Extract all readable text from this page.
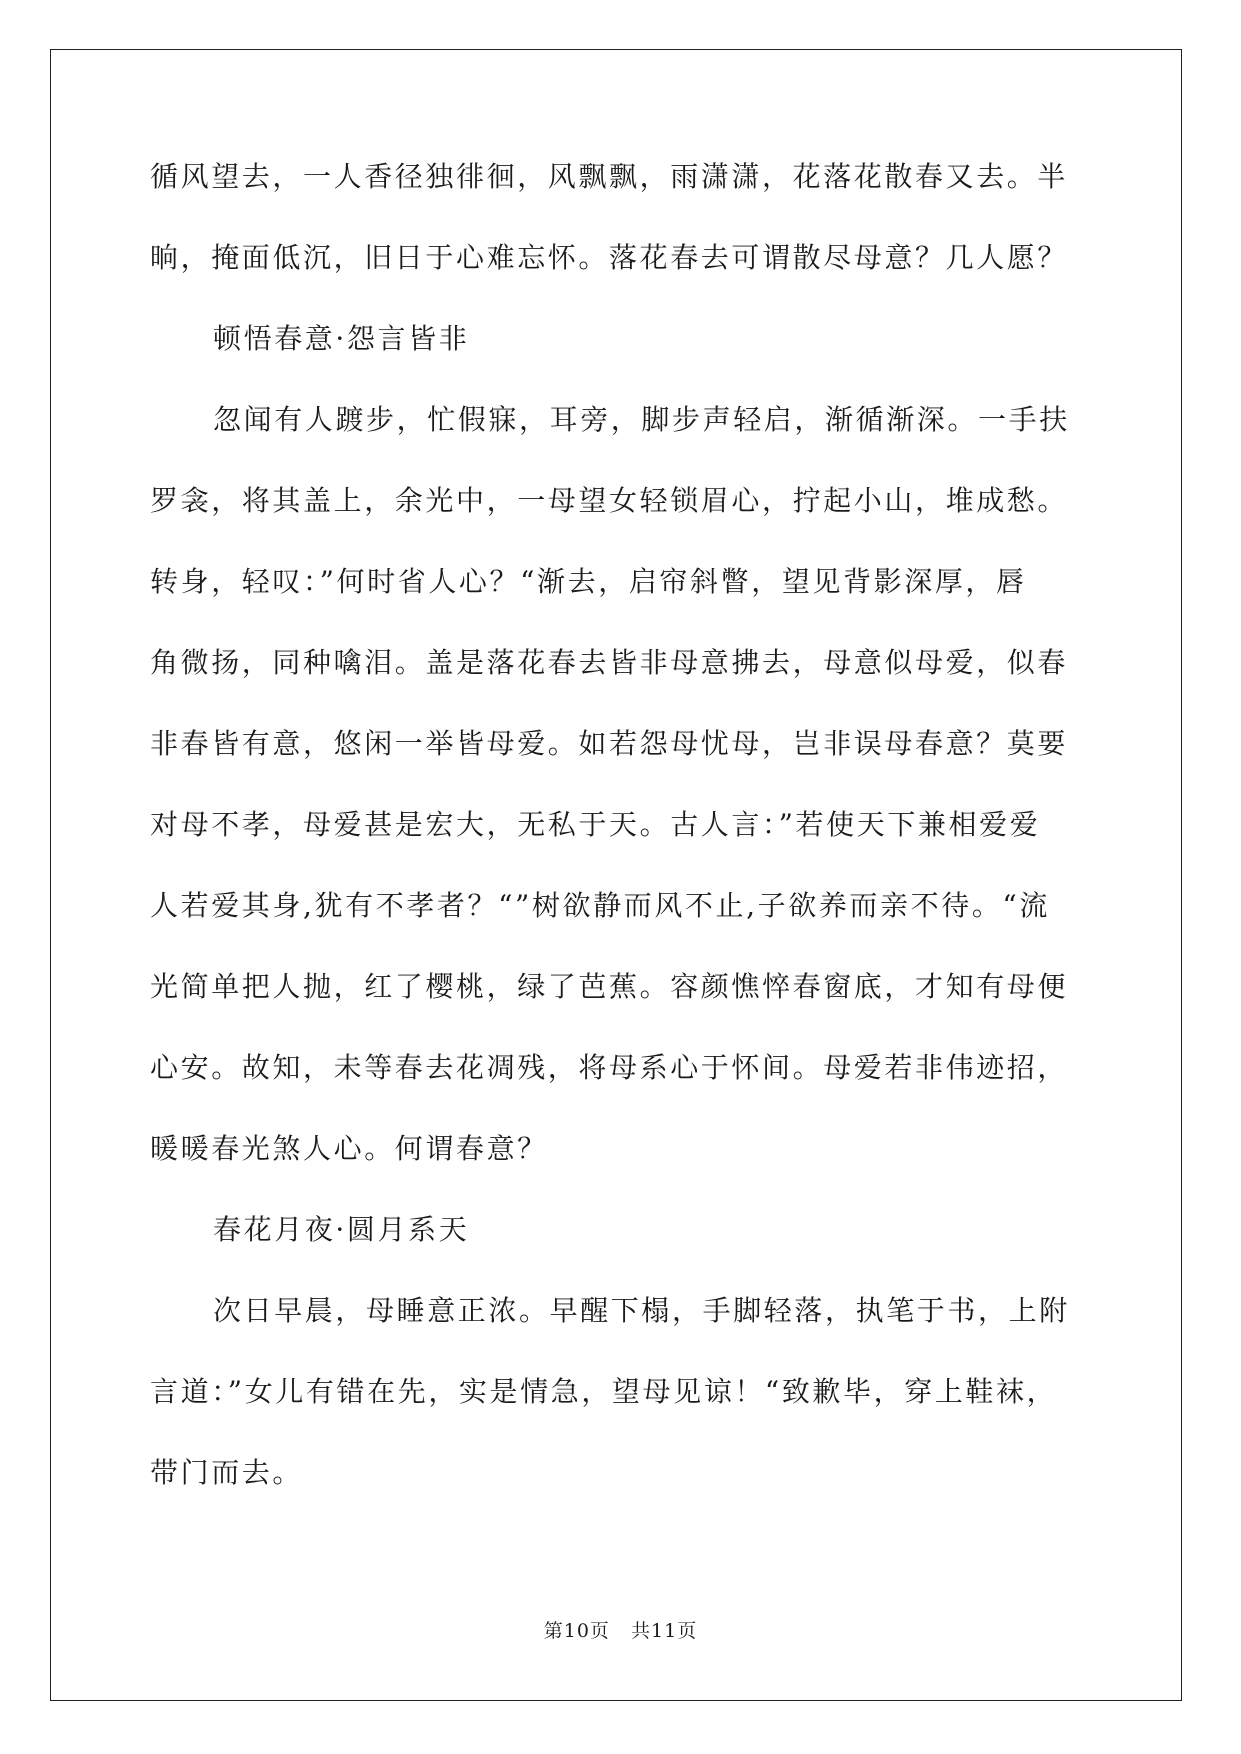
循风望去，一人香径独徘徊，风飘飘，雨潇潇，花落花散春又去。半
晌，掩面低沉，旧日于心难忘怀。落花春去可谓散尽母意？几人愿？
顿悟春意·怨言皆非
忽闻有人踱步，忙假寐，耳旁，脚步声轻启，渐循渐深。一手扶
罗衾，将其盖上，余光中，一母望女轻锁眉心，拧起小山，堆成愁。
转身，轻叹：”何时省人心？“渐去，启帘斜瞥，望见背影深厚，唇
角微扬，同种噙泪。盖是落花春去皆非母意拂去，母意似母爱，似春
非春皆有意，悠闲一举皆母爱。如若怨母忧母，岂非误母春意？莫要
对母不孝，母爱甚是宏大，无私于天。古人言：”若使天下兼相爱爱
人若爱其身,犹有不孝者？“”树欲静而风不止,子欲养而亲不待。“流
光简单把人抛，红了樱桃，绿了芭蕉。容颜憔悴春窗底，才知有母便
心安。故知，未等春去花凋残，将母系心于怀间。母爱若非伟迹招，
暖暖春光煞人心。何谓春意？
春花月夜·圆月系天
次日早晨，母睡意正浓。早醒下榻，手脚轻落，执笔于书，上附
言道：”女儿有错在先，实是情急，望母见谅！“致歉毕，穿上鞋袜，
带门而去。
第10页   共11页
